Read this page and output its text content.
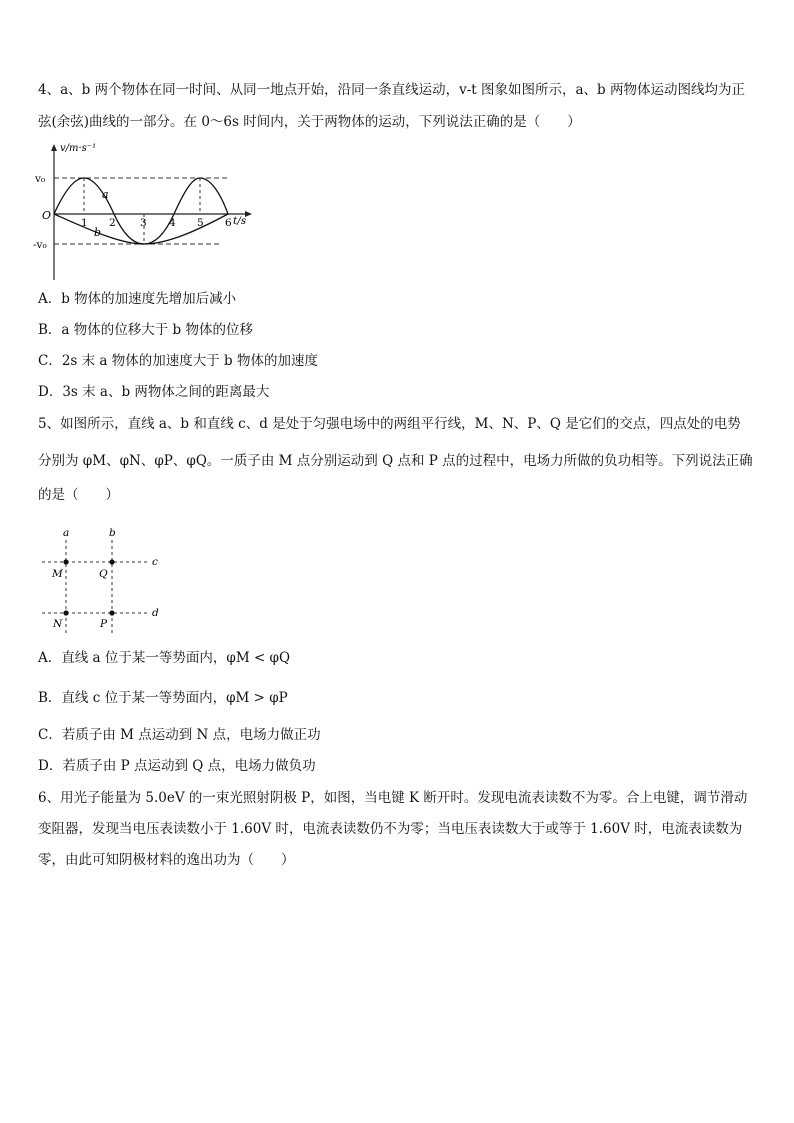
4、a、b 两个物体在同一时间、从同一地点开始，沿同一条直线运动，v-t 图象如图所示，a、b 两物体运动图线均为正
弦(余弦)曲线的一部分。在 0～6s 时间内，关于两物体的运动，下列说法正确的是（　　）
v/m·s⁻¹
t/s
v₀
-v₀
O
1 2 3 4 5 6
a
b
A．b 物体的加速度先增加后减小
B．a 物体的位移大于 b 物体的位移
C．2s 末 a 物体的加速度大于 b 物体的加速度
D．3s 末 a、b 两物体之间的距离最大
5、如图所示，直线 a、b 和直线 c、d 是处于匀强电场中的两组平行线，M、N、P、Q 是它们的交点，四点处的电势
分别为 φM、φN、φP、φQ。一质子由 M 点分别运动到 Q 点和 P 点的过程中，电场力所做的负功相等。下列说法正确
的是（　　）
a	b
c
d
M	Q
N	P
A．直线 a 位于某一等势面内，φM < φQ
B．直线 c 位于某一等势面内，φM > φP
C．若质子由 M 点运动到 N 点，电场力做正功
D．若质子由 P 点运动到 Q 点，电场力做负功
6、用光子能量为 5.0eV 的一束光照射阴极 P，如图，当电键 K 断开时。发现电流表读数不为零。合上电键，调节滑动
变阻器，发现当电压表读数小于 1.60V 时，电流表读数仍不为零；当电压表读数大于或等于 1.60V 时，电流表读数为
零，由此可知阴极材料的逸出功为（　　）
